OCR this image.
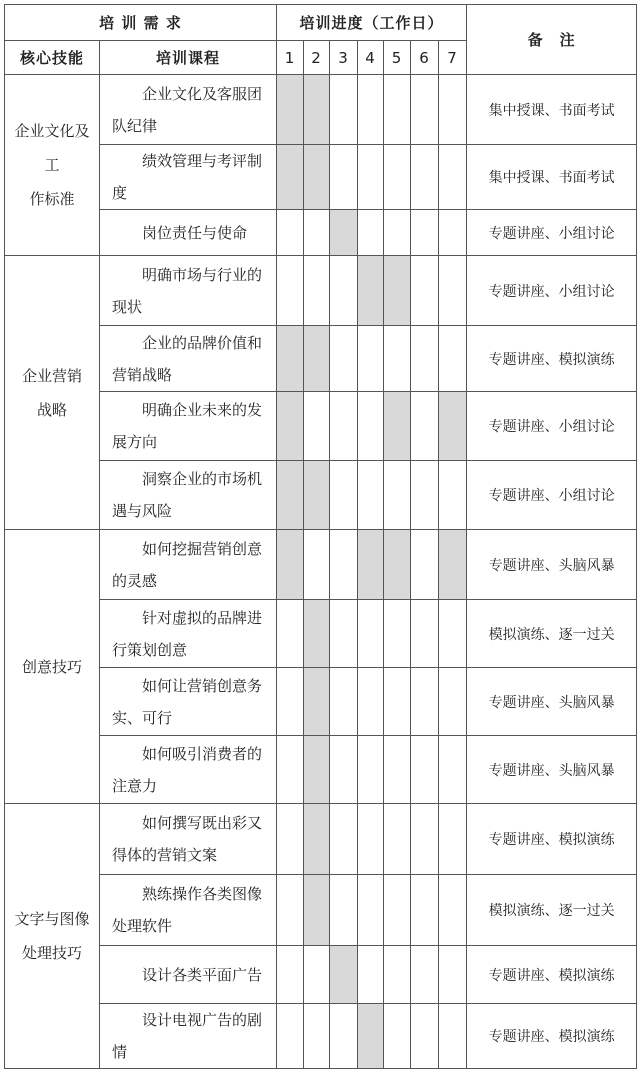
培 训 需 求		培训进度（工作日）							备　注
核心技能	培训课程	1	2	3	4	5	6	7	

企业文化及工
作标准	企业文化及客服团队纪律								集中授课、书面考试

	绩效管理与考评制度								集中授课、书面考试

	岗位责任与使命								专题讲座、小组讨论

企业营销
战略	明确市场与行业的现状								专题讲座、小组讨论

	企业的品牌价值和营销战略								专题讲座、模拟演练

	明确企业未来的发展方向								专题讲座、小组讨论

	洞察企业的市场机遇与风险								专题讲座、小组讨论
创意技巧	如何挖掘营销创意的灵感								专题讲座、头脑风暴

	针对虚拟的品牌进行策划创意								模拟演练、逐一过关

	如何让营销创意务实、可行								专题讲座、头脑风暴

	如何吸引消费者的注意力								专题讲座、头脑风暴

文字与图像
处理技巧	如何撰写既出彩又得体的营销文案								专题讲座、模拟演练

	熟练操作各类图像处理软件								模拟演练、逐一过关

	设计各类平面广告								专题讲座、模拟演练

	设计电视广告的剧情								专题讲座、模拟演练
